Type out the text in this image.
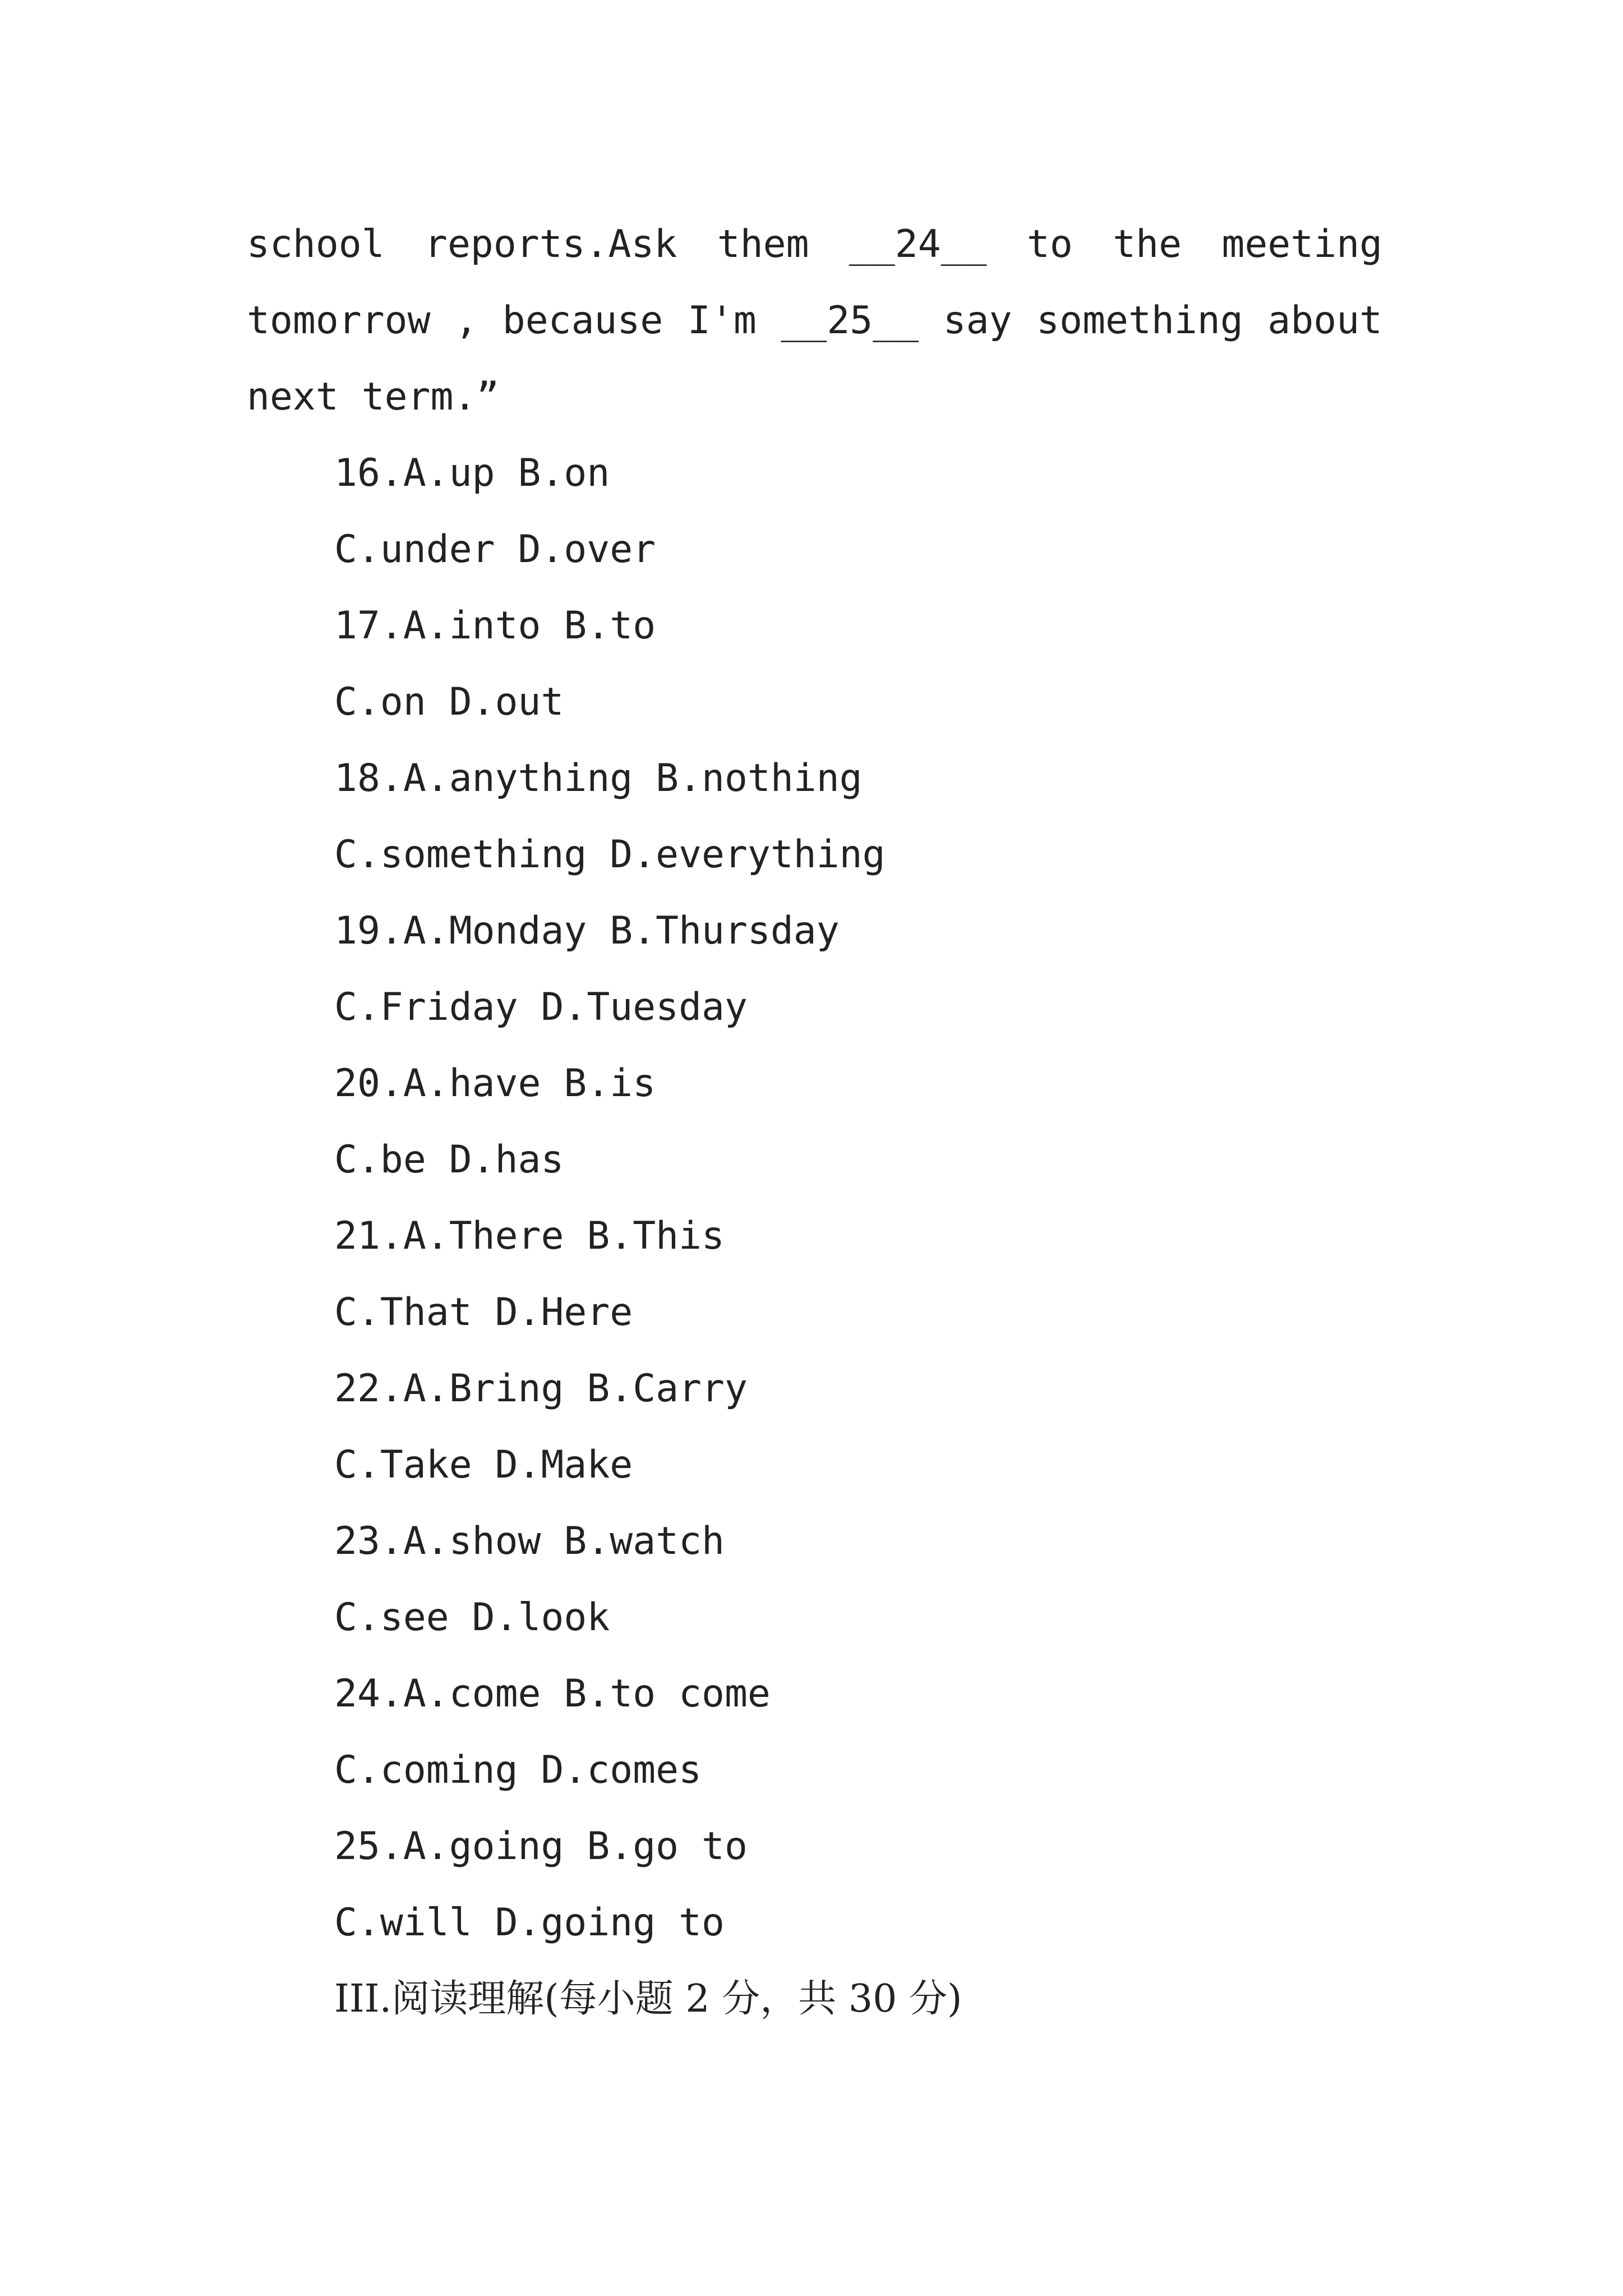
school reports.Ask them __24__ to the meeting
tomorrow , because I'm __25__ say something about
next term.”
16.A.up B.on
C.under D.over
17.A.into B.to
C.on D.out
18.A.anything B.nothing
C.something D.everything
19.A.Monday B.Thursday
C.Friday D.Tuesday
20.A.have B.is
C.be D.has
21.A.There B.This
C.That D.Here
22.A.Bring B.Carry
C.Take D.Make
23.A.show B.watch
C.see D.look
24.A.come B.to come
C.coming D.comes
25.A.going B.go to
C.will D.going to
III.阅读理解(每小题 2 分，共 30 分)
